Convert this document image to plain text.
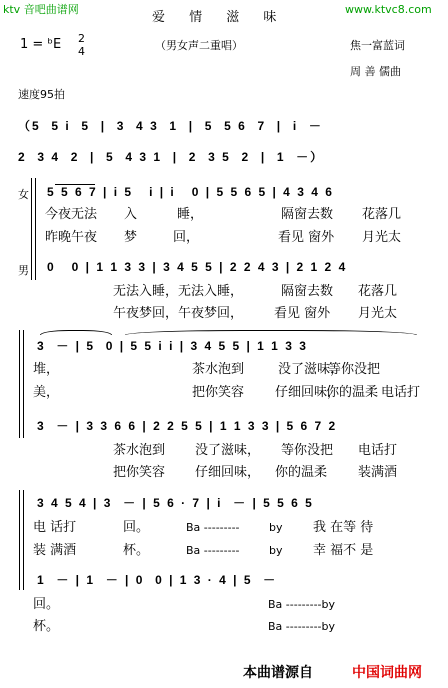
ktv 音吧曲谱网	www.ktvc8.com
爱 情 滋 味
1 = ᵇE 2
4	（男女声二重唱）	焦一富蓝词
周 善 儒曲
速度95拍
（5  5 i  5  |  3  4 3  1  |  5  5 6  7  |  i  －
2  3 4  2  |  5  4 3 1  |  2  3 5  2  |  1  －）
女
男
5 5 6 7 | i 5   i | i   0 | 5 5 6 5 | 4 3 4 6
今夜无法 入	睡，	隔窗去数 花落几
昨晚午夜 梦	回，	看见 窗外 月光太
0   0 | 1 1 3 3 | 3 4 5 5 | 2 2 4 3 | 2 1 2 4
无法入睡，无法入睡，	隔窗去数 花落几
午夜梦回，午夜梦回， 看见 窗外 月光太
3  － | 5  0 | 5 5 i i | 3 4 5 5 | 1 1 3 3
堆，	茶水泡到	没了滋味，
等你没把
电话打
美，	把你笑容 仔细回味，
你的温柔
3  － | 3 3 6 6 | 2 2 5 5 | 1 1 3 3 | 5 6 7 2
茶水泡到 没了滋味， 等你没把 电话打
把你笑容 仔细回味， 你的温柔 装满酒
3 4 5 4 | 3  － | 5 6 · 7 | i  － | 5 5 6 5
电 话打	回。	Ba ---------	by 我 在等 待
装 满酒	杯。	Ba ---------	by 幸 福不 是
1  － | 1  － | 0  0 | 1 3 · 4 | 5  －
回。	Ba ---------by
杯。	Ba ---------by
本曲谱源自	中国词曲网
